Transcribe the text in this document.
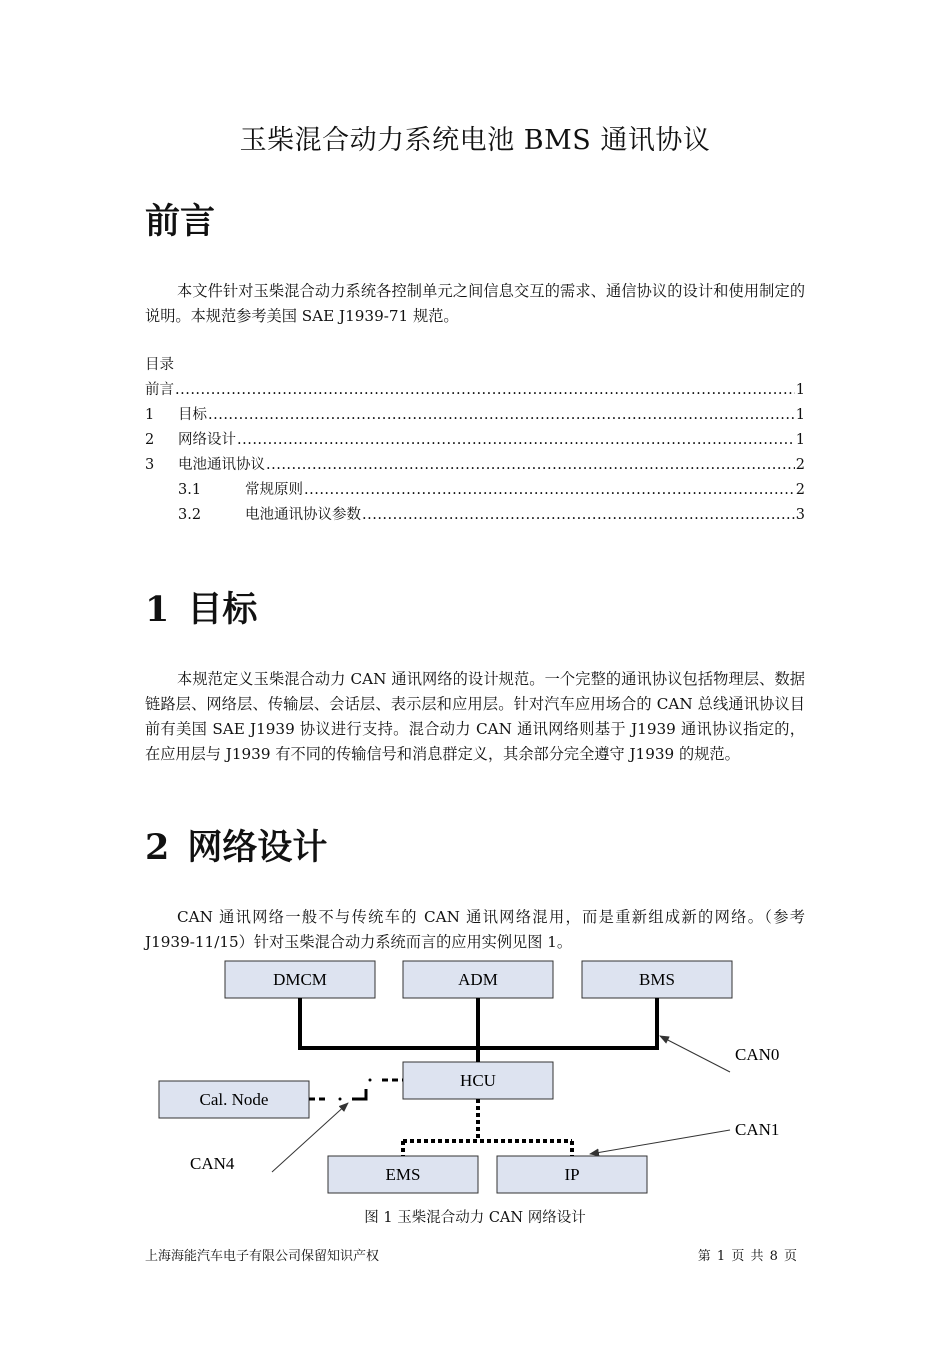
玉柴混合动力系统电池 BMS 通讯协议
前言
本文件针对玉柴混合动力系统各控制单元之间信息交互的需求、通信协议的设计和使用制定的说明。本规范参考美国 SAE J1939-71 规范。
目录
前言 .....	1
1	目标 .....	1
2	网络设计 .....	1
3	电池通讯协议 .....	2
3.1	常规原则 .....	2
3.2	电池通讯协议参数 .....	3
1 目标
本规范定义玉柴混合动力 CAN 通讯网络的设计规范。一个完整的通讯协议包括物理层、数据链路层、网络层、传输层、会话层、表示层和应用层。针对汽车应用场合的 CAN 总线通讯协议目前有美国 SAE J1939 协议进行支持。混合动力 CAN 通讯网络则基于 J1939 通讯协议指定的，在应用层与 J1939 有不同的传输信号和消息群定义，其余部分完全遵守 J1939 的规范。
2 网络设计
CAN 通讯网络一般不与传统车的 CAN 通讯网络混用，而是重新组成新的网络。（参考 J1939-11/15）针对玉柴混合动力系统而言的应用实例见图 1。
DMCM	ADM	BMS
HCU
Cal. Node
EMS	IP
CAN0
CAN1
CAN4
图 1 玉柴混合动力 CAN 网络设计
上海海能汽车电子有限公司保留知识产权	第 1 页 共 8 页
